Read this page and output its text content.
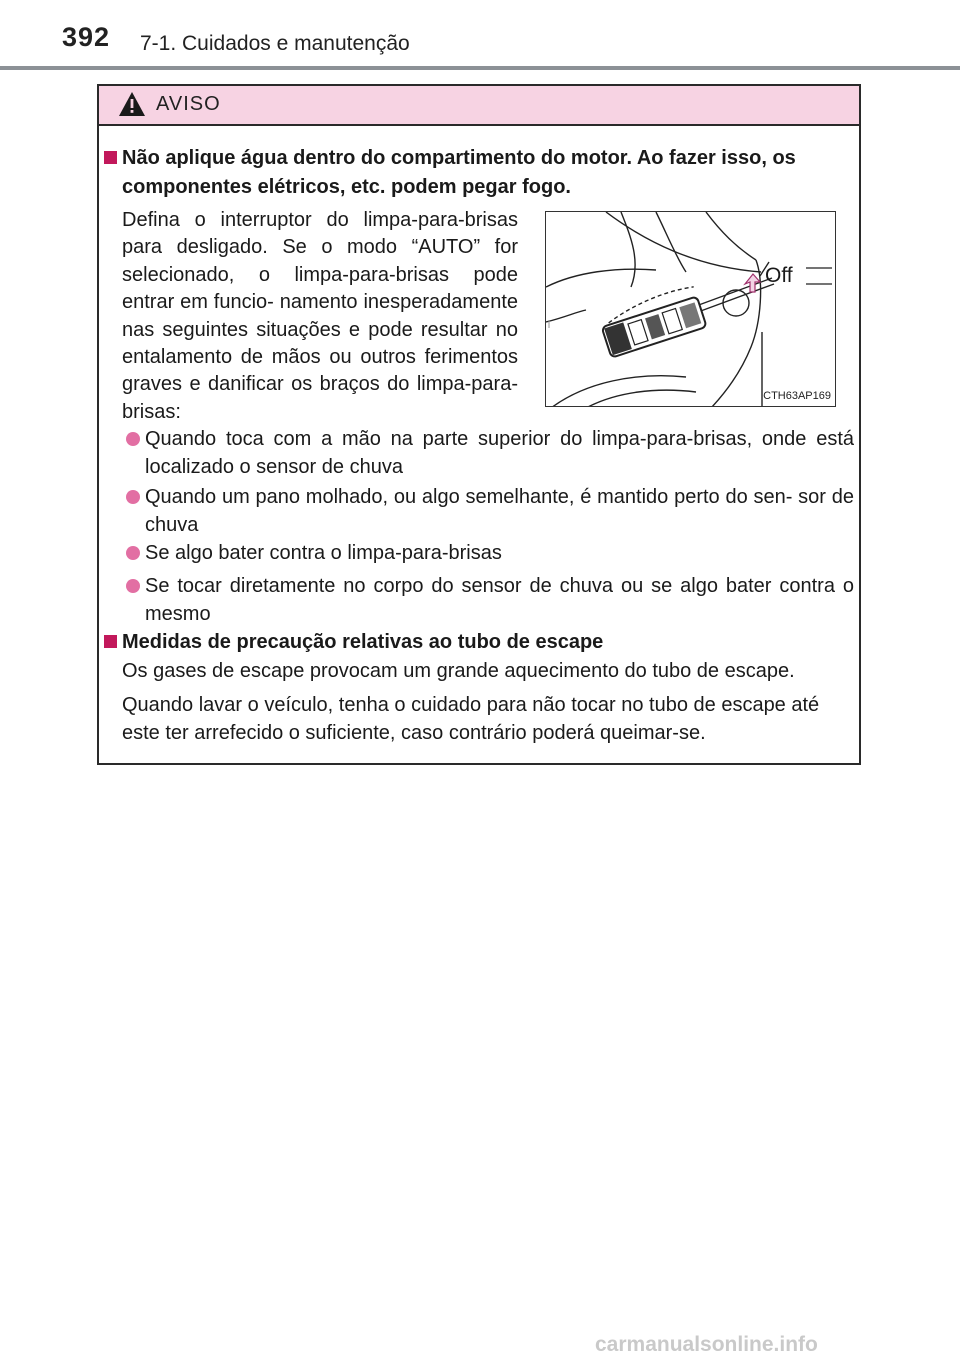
392 7-1. Cuidados e manutenção
AVISO
Não aplique água dentro do compartimento do motor. Ao fazer isso, os
componentes elétricos, etc. podem pegar fogo.
Defina o interruptor do limpa-para-brisas para desligado. Se o modo “AUTO” for selecionado, o limpa-para-brisas pode entrar em funcio- namento inesperadamente nas seguintes situações e pode resultar no entalamento de mãos ou outros ferimentos graves e danificar os braços do limpa-para-brisas:
Off
CTH63AP169
Quando toca com a mão na parte superior do limpa-para-brisas, onde está localizado o sensor de chuva
Quando um pano molhado, ou algo semelhante, é mantido perto do sen- sor de chuva
Se algo bater contra o limpa-para-brisas
Se tocar diretamente no corpo do sensor de chuva ou se algo bater contra o mesmo
Medidas de precaução relativas ao tubo de escape
Os gases de escape provocam um grande aquecimento do tubo de escape.
Quando lavar o veículo, tenha o cuidado para não tocar no tubo de escape até este ter arrefecido o suficiente, caso contrário poderá queimar-se.
carmanualsonline.info
